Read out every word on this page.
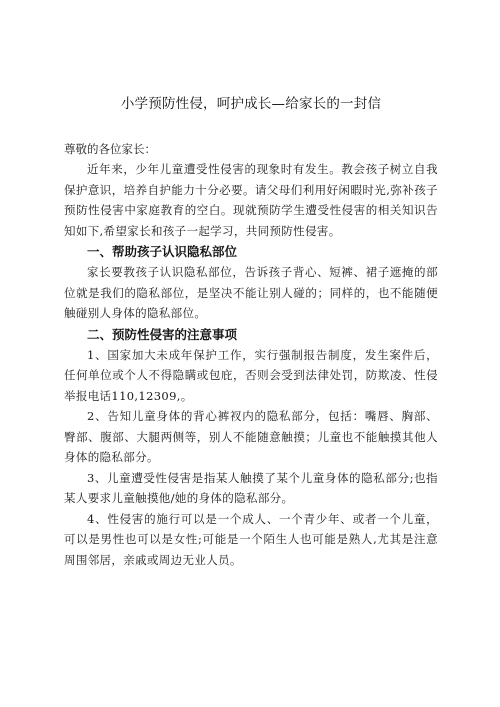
小学预防性侵，呵护成长—给家长的一封信

尊敬的各位家长：

近年来，少年儿童遭受性侵害的现象时有发生。教会孩子树立自我保护意识，培养自护能力十分必要。请父母们利用好闲暇时光,弥补孩子预防性侵害中家庭教育的空白。现就预防学生遭受性侵害的相关知识告知如下,希望家长和孩子一起学习，共同预防性侵害。

一、帮助孩子认识隐私部位

家长要教孩子认识隐私部位，告诉孩子背心、短裤、裙子遮掩的部位就是我们的隐私部位，是坚决不能让别人碰的；同样的，也不能随便触碰别人身体的隐私部位。

二、预防性侵害的注意事项

1、国家加大未成年保护工作，实行强制报告制度，发生案件后，任何单位或个人不得隐瞒或包庇，否则会受到法律处罚，防欺凌、性侵举报电话110,12309,。

2、告知儿童身体的背心裤衩内的隐私部分，包括：嘴唇、胸部、臀部、腹部、大腿两侧等，别人不能随意触摸；儿童也不能触摸其他人身体的隐私部分。

3、儿童遭受性侵害是指某人触摸了某个儿童身体的隐私部分;也指某人要求儿童触摸他/她的身体的隐私部分。

4、性侵害的施行可以是一个成人、一个青少年、或者一个儿童，可以是男性也可以是女性;可能是一个陌生人也可能是熟人,尤其是注意周围邻居，亲戚或周边无业人员。
